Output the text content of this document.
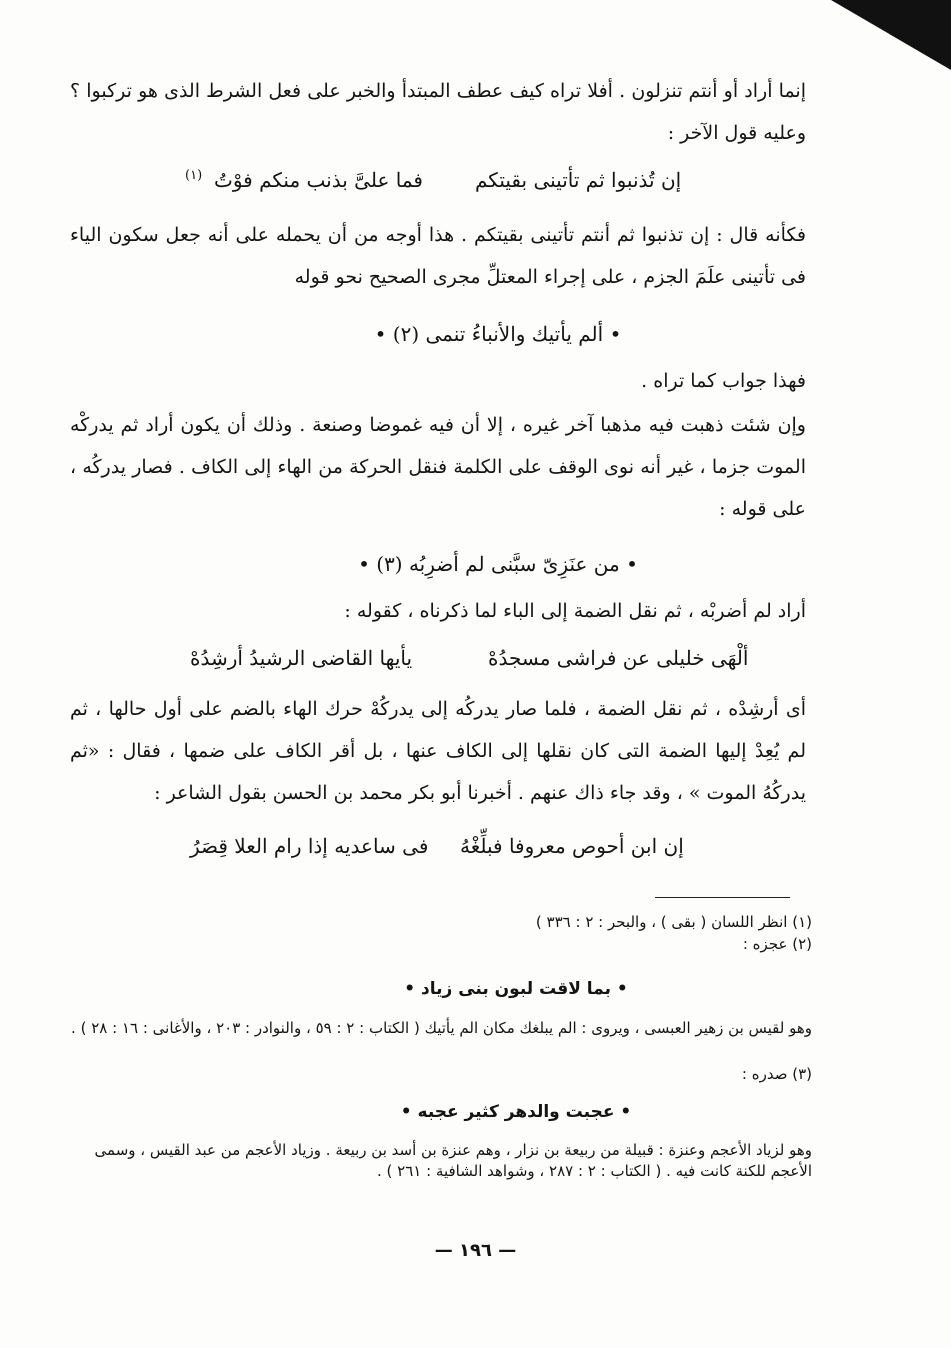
إنما أراد أو أنتم تنزلون . أفلا تراه كيف عطف المبتدأ والخبر على فعل الشرط الذى هو تركبوا ؟ وعليه قول الآخر :

إن تُذنبوا ثم تأتينى بقيتكم
فما علىَّ بذنب منكم فوْتُ
(١)

فكأنه قال : إن تذنبوا ثم أنتم تأتينى بقيتكم . هذا أوجه من أن يحمله على أنه جعل سكون الياء فى تأتينى علَمَ الجزم ، على إجراء المعتلِّ مجرى الصحيح نحو قوله

• ألم يأتيك والأنباءُ تنمى (٢) •

فهذا جواب كما تراه .

وإن شئت ذهبت فيه مذهبا آخر غيره ، إلا أن فيه غموضا وصنعة . وذلك أن يكون أراد ثم يدركْه الموت جزما ، غير أنه نوى الوقف على الكلمة فنقل الحركة من الهاء إلى الكاف . فصار يدركُه ، على قوله :

• من عنَزِىّ سبَّنى لم أضرِبُه (٣) •

أراد لم أضربْه ، ثم نقل الضمة إلى الباء لما ذكرناه ، كقوله :

ألْهَى خليلى عن فراشى مسجدُهْ
يأيها القاضى الرشيدُ أرشِدُهْ

أى أرشِدْه ، ثم نقل الضمة ، فلما صار يدركُه إلى يدركُهْ حرك الهاء بالضم على أول حالها ، ثم لم يُعِدْ إليها الضمة التى كان نقلها إلى الكاف عنها ، بل أقر الكاف على ضمها ، فقال : «ثم يدركُهُ الموت » ، وقد جاء ذاك عنهم . أخبرنا أبو بكر محمد بن الحسن بقول الشاعر :

إن ابن أحوص معروفا فبلِّغْهُ
فى ساعديه إذا رام العلا قِصَرُ

(١) انظر اللسان ( بقى ) ، والبحر : ٢ : ٣٣٦ )

(٢) عجزه :

• بما لاقت لبون بنى زياد •

وهو لقيس بن زهير العبسى ، ويروى : الم يبلغك مكان الم يأتيك ( الكتاب : ٢ : ٥٩ ، والنوادر : ٢٠٣ ، والأغانى : ١٦ : ٢٨ ) .

(٣) صدره :

• عجبت والدهر كثير عجبه •

وهو لزياد الأعجم وعنزة : قبيلة من ربيعة بن نزار ، وهم عنزة بن أسد بن ربيعة . وزياد الأعجم من عبد القيس ، وسمى الأعجم للكنة كانت فيه . ( الكتاب : ٢ : ٢٨٧ ، وشواهد الشافية : ٢٦١ ) .

— ١٩٦ —
